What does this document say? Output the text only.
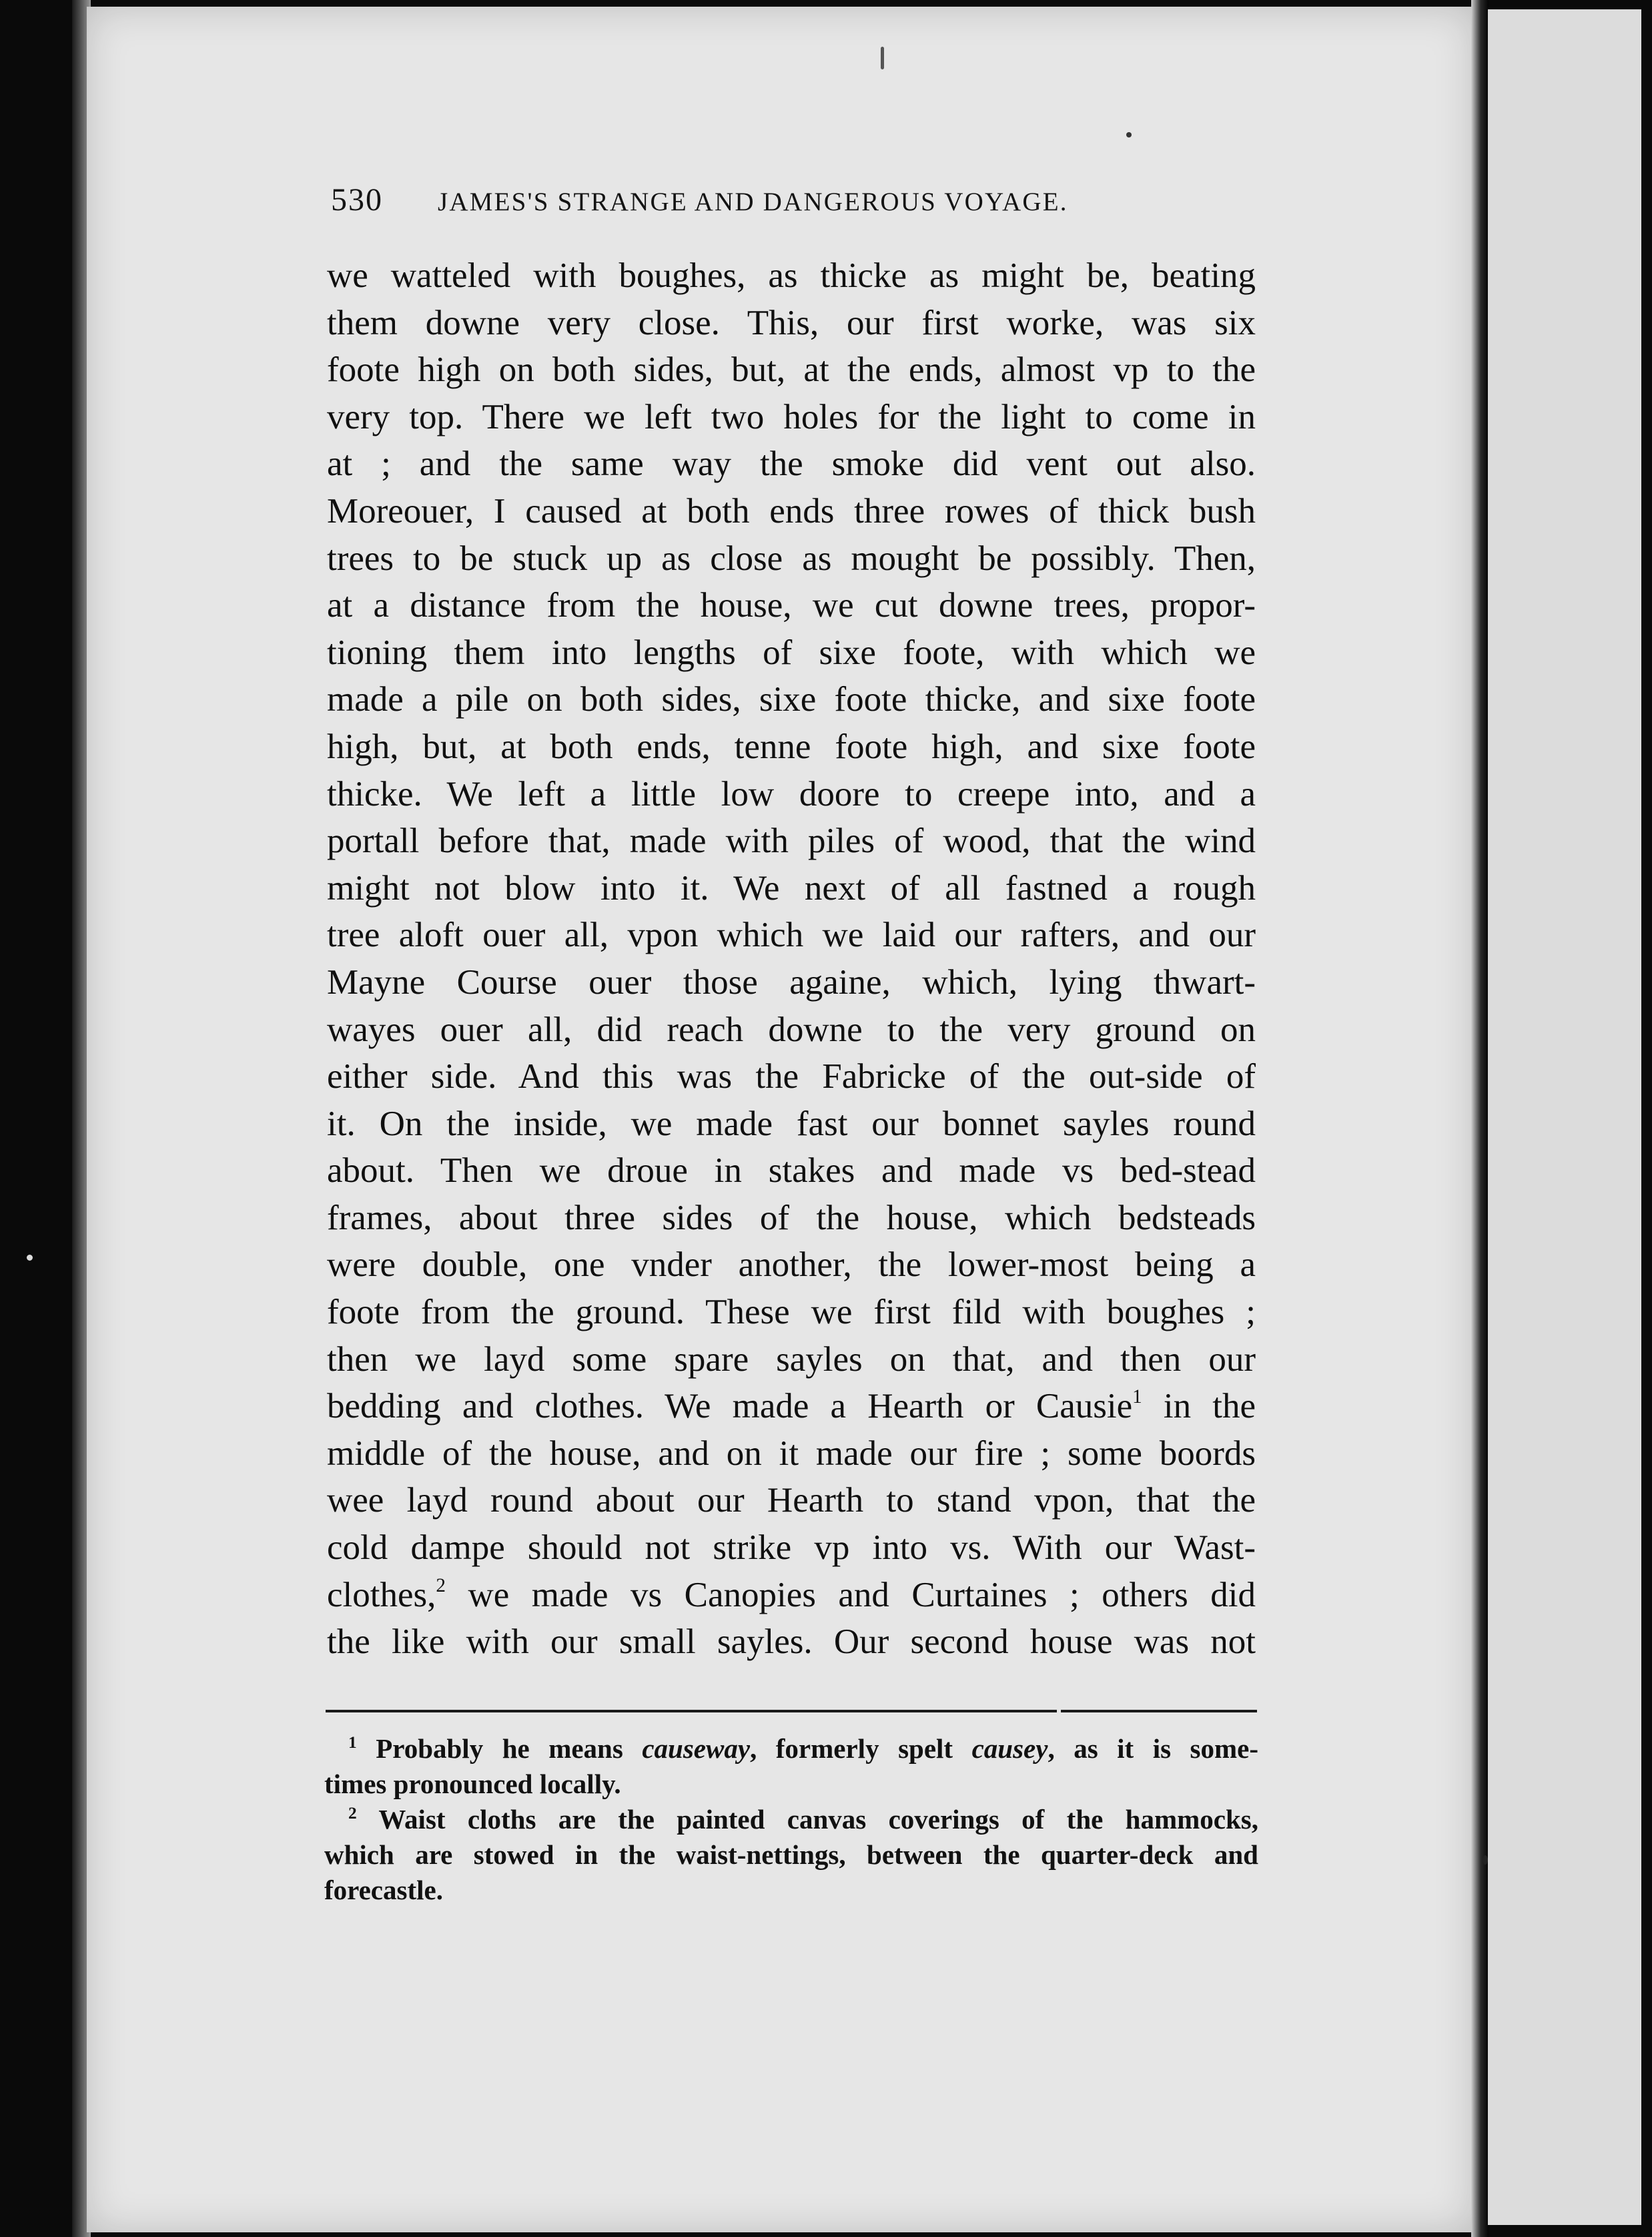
530 JAMES'S STRANGE AND DANGEROUS VOYAGE.
we watteled with boughes, as thicke as might be, beating
them downe very close. This, our first worke, was six
foote high on both sides, but, at the ends, almost vp to the
very top. There we left two holes for the light to come in
at ; and the same way the smoke did vent out also.
Moreouer, I caused at both ends three rowes of thick bush
trees to be stuck up as close as mought be possibly. Then,
at a distance from the house, we cut downe trees, propor-
tioning them into lengths of sixe foote, with which we
made a pile on both sides, sixe foote thicke, and sixe foote
high, but, at both ends, tenne foote high, and sixe foote
thicke. We left a little low doore to creepe into, and a
portall before that, made with piles of wood, that the wind
might not blow into it. We next of all fastned a rough
tree aloft ouer all, vpon which we laid our rafters, and our
Mayne Course ouer those againe, which, lying thwart-
wayes ouer all, did reach downe to the very ground on
either side. And this was the Fabricke of the out-side of
it. On the inside, we made fast our bonnet sayles round
about. Then we droue in stakes and made vs bed-stead
frames, about three sides of the house, which bedsteads
were double, one vnder another, the lower-most being a
foote from the ground. These we first fild with boughes ;
then we layd some spare sayles on that, and then our
bedding and clothes. We made a Hearth or Causie$^1$ in the
middle of the house, and on it made our fire ; some boords
wee layd round about our Hearth to stand vpon, that the
cold dampe should not strike vp into vs. With our Wast-
clothes,$^2$ we made vs Canopies and Curtaines ; others did
the like with our small sayles. Our second house was not
$^1$ Probably he means causeway, formerly spelt causey, as it is some-
times pronounced locally.
$^2$ Waist cloths are the painted canvas coverings of the hammocks,
which are stowed in the waist-nettings, between the quarter-deck and
forecastle.
